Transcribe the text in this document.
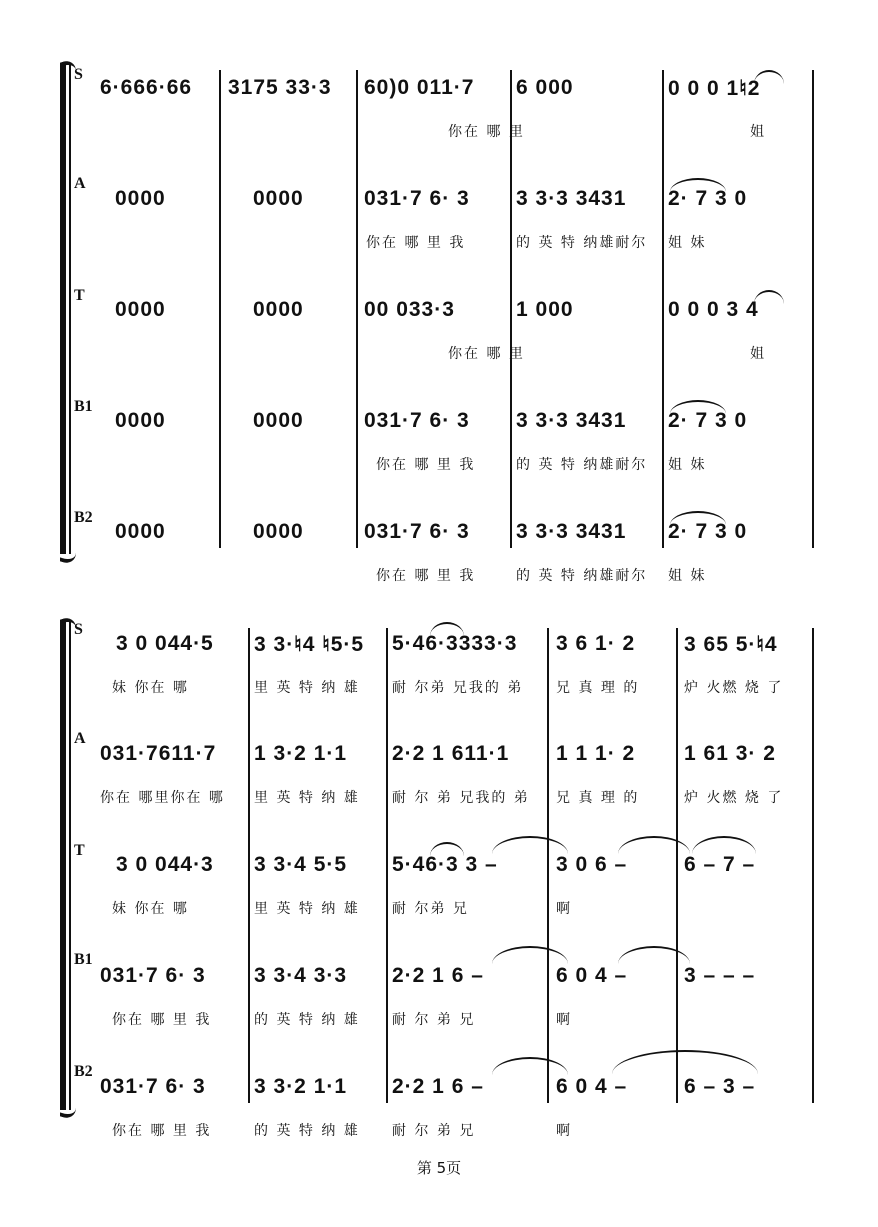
S
6·666·66 3175 33·3 60)0 011·7 6 000	0 0 0 1♮2
你在 哪 里	姐
A
0000	0000	031·7 6· 3 3 3·3 3431 2· 7 3 0
你在 哪 里 我	的 英 特 纳雄耐尔 姐 妹
T
0000	0000	00 033·3	1 000	0 0 0 3 4
你在 哪 里	姐
B1
0000	0000	031·7 6· 3 3 3·3 3431 2· 7 3 0
你在 哪 里 我	的 英 特 纳雄耐尔 姐 妹
B2
0000	0000	031·7 6· 3 3 3·3 3431 2· 7 3 0
你在 哪 里 我	的 英 特 纳雄耐尔 姐 妹
S
3 0 044·5 3 3·♮4 ♮5·5 5·46·3333·3 3 6 1· 2 3 65 5·♮4
妹 你在 哪	里 英 特 纳 雄 耐 尔弟 兄我的 弟 兄 真 理 的	炉 火燃 烧 了
A
031·7611·7 1 3·2 1·1 2·2 1 611·1 1 1 1· 2 1 61 3· 2
你在 哪里你在 哪 里 英 特 纳 雄 耐 尔 弟 兄我的 弟 兄 真 理 的	炉 火燃 烧 了
T
3 0 044·3 3 3·4 5·5 5·46·3 3 –	3 0 6 –	6 – 7 –
妹 你在 哪	里 英 特 纳 雄 耐 尔弟 兄	啊
B1
031·7 6· 3 3 3·4 3·3 2·2 1 6 –	6 0 4 –	3 – – –
你在 哪 里 我	的 英 特 纳 雄 耐 尔 弟 兄	啊
B2
031·7 6· 3 3 3·2 1·1 2·2 1 6 –	6 0 4 –	6 – 3 –
你在 哪 里 我	的 英 特 纳 雄 耐 尔 弟 兄	啊
第 5页
